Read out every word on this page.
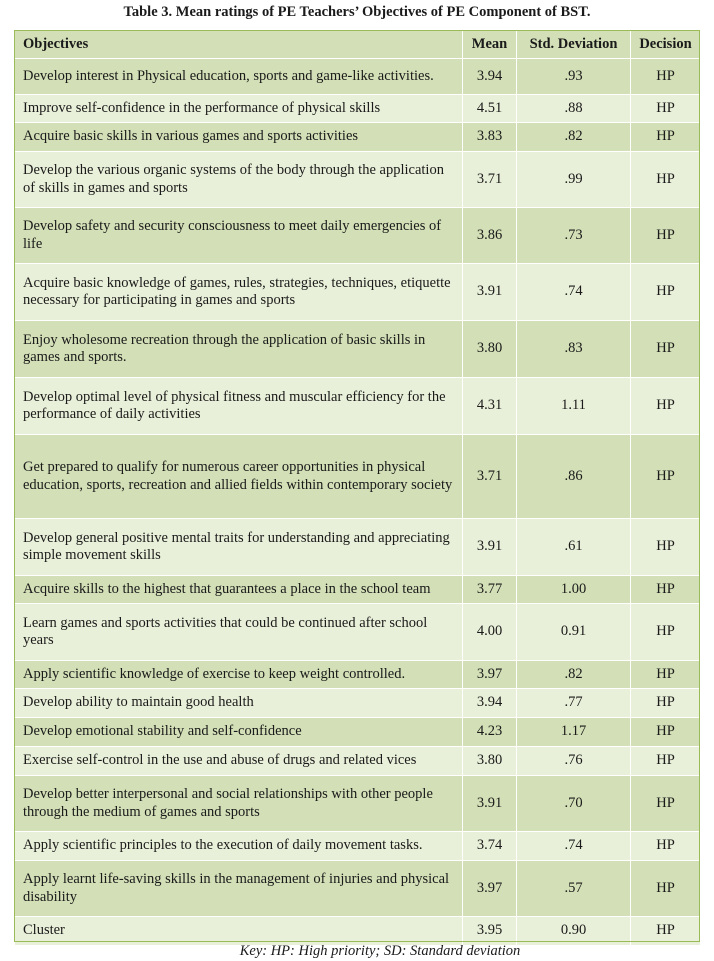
Table 3. Mean ratings of PE Teachers’ Objectives of PE Component of BST.
Objectives	Mean	Std. Deviation	Decision
Develop interest in Physical education, sports and game-like activities.	3.94	.93	HP
Improve self-confidence in the performance of physical skills	4.51	.88	HP
Acquire basic skills in various games and sports activities	3.83	.82	HP
Develop the various organic systems of the body through the application of skills in games and sports	3.71	.99	HP
Develop safety and security consciousness to meet daily emergencies of life	3.86	.73	HP
Acquire basic knowledge of games, rules, strategies, techniques, etiquette necessary for participating in games and sports	3.91	.74	HP
Enjoy wholesome recreation through the application of basic skills in games and sports.	3.80	.83	HP
Develop optimal level of physical fitness and muscular efficiency for the performance of daily activities	4.31	1.11	HP
Get prepared to qualify for numerous career opportunities in physical education, sports, recreation and allied fields within contemporary society	3.71	.86	HP
Develop general positive mental traits for understanding and appreciating simple movement skills	3.91	.61	HP
Acquire skills to the highest that guarantees a place in the school team	3.77	1.00	HP
Learn games and sports activities that could be continued after school years	4.00	0.91	HP
Apply scientific knowledge of exercise to keep weight controlled.	3.97	.82	HP
Develop ability to maintain good health	3.94	.77	HP
Develop emotional stability and self-confidence	4.23	1.17	HP
Exercise self-control in the use and abuse of drugs and related vices	3.80	.76	HP
Develop better interpersonal and social relationships with other people through the medium of games and sports	3.91	.70	HP
Apply scientific principles to the execution of daily movement tasks.	3.74	.74	HP
Apply learnt life-saving skills in the management of injuries and physical disability	3.97	.57	HP
Cluster	3.95	0.90	HP
Key: HP: High priority; SD: Standard deviation
